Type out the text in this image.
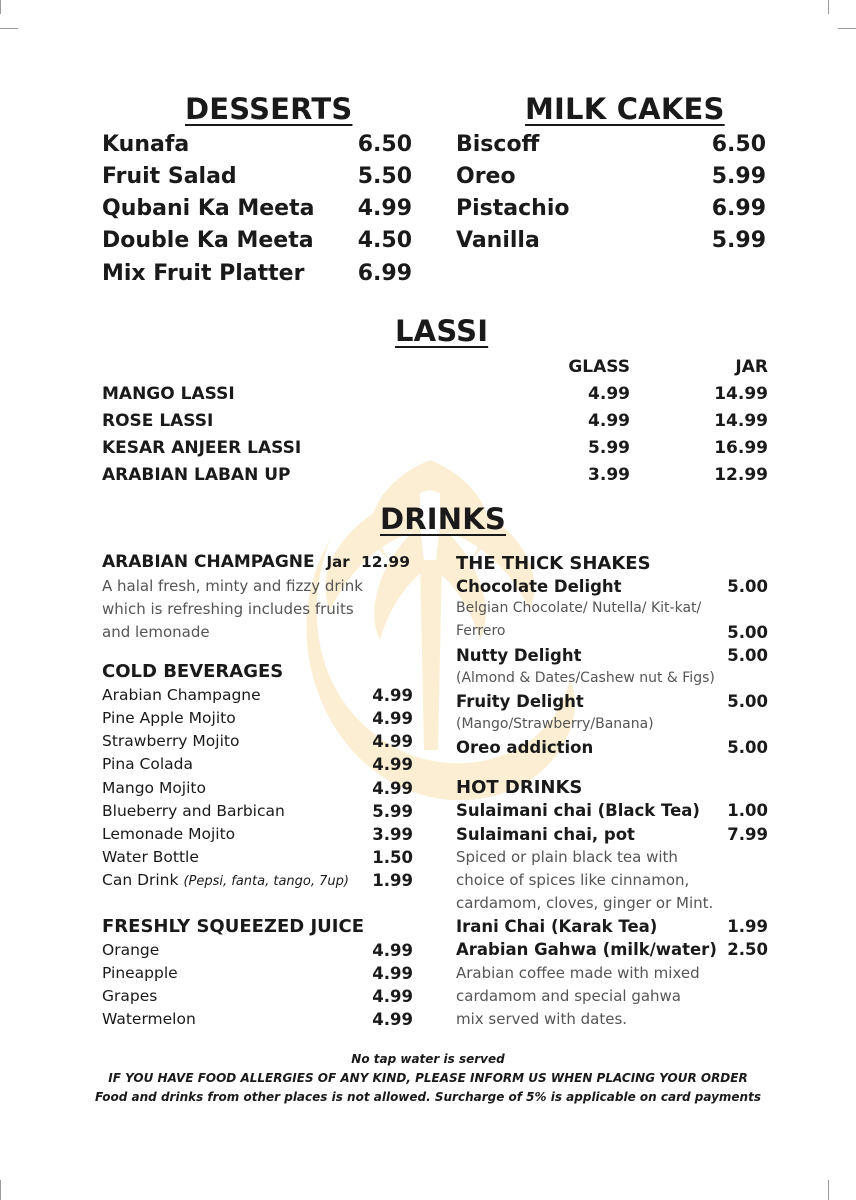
DESSERTS
Kunafa	6.50
Fruit Salad	5.50
Qubani Ka Meeta	4.99
Double Ka Meeta	4.50
Mix Fruit Platter	6.99
MILK CAKES
Biscoff	6.50
Oreo	5.99
Pistachio	6.99
Vanilla	5.99
LASSI
GLASS	JAR
MANGO LASSI	4.99	14.99
ROSE LASSI	4.99	14.99
KESAR ANJEER LASSI	5.99	16.99
ARABIAN LABAN UP	3.99	12.99
DRINKS
ARABIAN CHAMPAGNE Jar 12.99
A halal fresh, minty and fizzy drink
which is refreshing includes fruits
and lemonade
COLD BEVERAGES
Arabian Champagne	4.99
Pine Apple Mojito	4.99
Strawberry Mojito	4.99
Pina Colada	4.99
Mango Mojito	4.99
Blueberry and Barbican	5.99
Lemonade Mojito	3.99
Water Bottle	1.50
Can Drink (Pepsi, fanta, tango, 7up)	1.99
FRESHLY SQUEEZED JUICE
Orange	4.99
Pineapple	4.99
Grapes	4.99
Watermelon	4.99
THE THICK SHAKES
Chocolate Delight	5.00
Belgian Chocolate/ Nutella/ Kit-kat/
Ferrero	5.00
Nutty Delight	5.00
(Almond & Dates/Cashew nut & Figs)
Fruity Delight	5.00
(Mango/Strawberry/Banana)
Oreo addiction	5.00
HOT DRINKS
Sulaimani chai (Black Tea)	1.00
Sulaimani chai, pot	7.99
Spiced or plain black tea with
choice of spices like cinnamon,
cardamom, cloves, ginger or Mint.
Irani Chai (Karak Tea)	1.99
Arabian Gahwa (milk/water) 2.50
Arabian coffee made with mixed
cardamom and special gahwa
mix served with dates.
No tap water is served
IF YOU HAVE FOOD ALLERGIES OF ANY KIND, PLEASE INFORM US WHEN PLACING YOUR ORDER
Food and drinks from other places is not allowed. Surcharge of 5% is applicable on card payments
